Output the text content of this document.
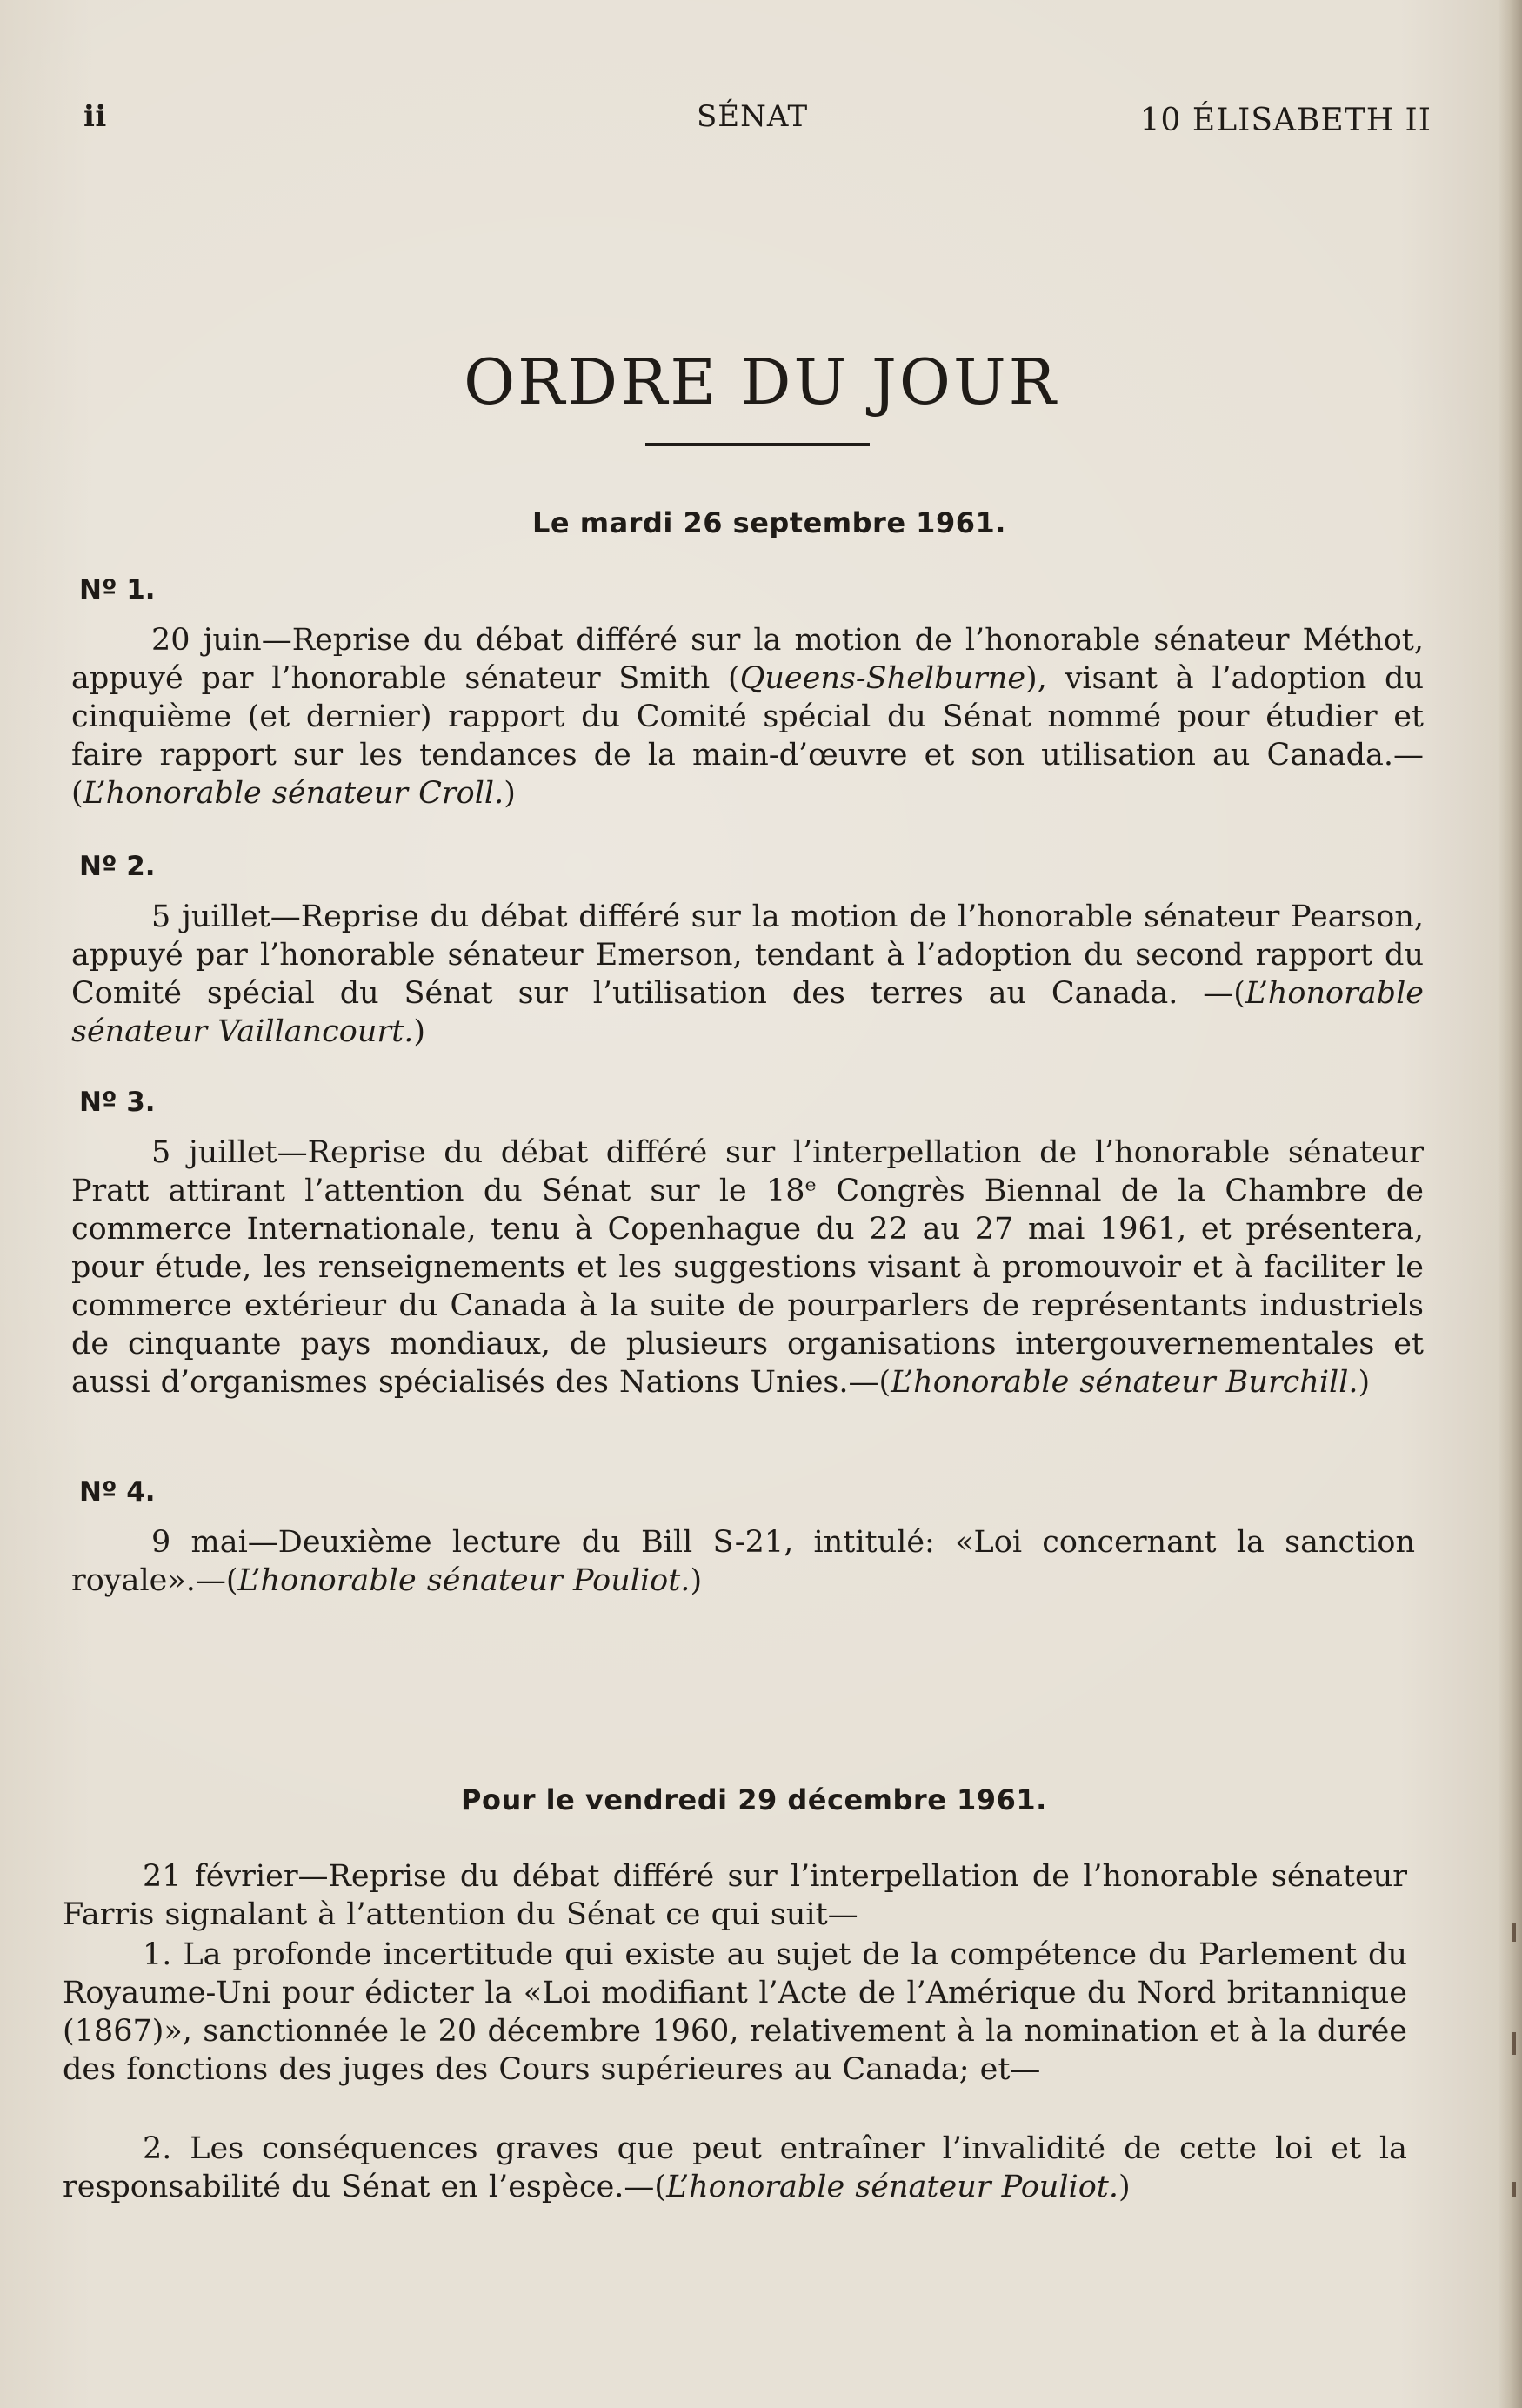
ii	SÉNAT	10 ÉLISABETH II
ORDRE DU JOUR
Le mardi 26 septembre 1961.
Nº 1.

20 juin—Reprise du débat différé sur la motion de l’honorable sénateur Méthot, appuyé par l’honorable sénateur Smith (Queens-Shelburne), visant à l’adoption du cinquième (et dernier) rapport du Comité spécial du Sénat nommé pour étudier et faire rapport sur les tendances de la main-d’œuvre et son utilisation au Canada.—(L’honorable sénateur Croll.)

Nº 2.

5 juillet—Reprise du débat différé sur la motion de l’honorable sénateur Pearson, appuyé par l’honorable sénateur Emerson, tendant à l’adoption du second rapport du Comité spécial du Sénat sur l’utilisation des terres au Canada. —(L’honorable sénateur Vaillancourt.)

Nº 3.

5 juillet—Reprise du débat différé sur l’interpellation de l’honorable sénateur Pratt attirant l’attention du Sénat sur le 18ᵉ Congrès Biennal de la Chambre de commerce Internationale, tenu à Copenhague du 22 au 27 mai 1961, et présentera, pour étude, les renseignements et les suggestions visant à promouvoir et à faciliter le commerce extérieur du Canada à la suite de pourparlers de représentants industriels de cinquante pays mondiaux, de plusieurs organisations intergouvernementales et aussi d’organismes spécialisés des Nations Unies.—(L’honorable sénateur Burchill.)

Nº 4.

9 mai—Deuxième lecture du Bill S-21, intitulé: «Loi concernant la sanction royale».—(L’honorable sénateur Pouliot.)

Pour le vendredi 29 décembre 1961.

21 février—Reprise du débat différé sur l’interpellation de l’honorable sénateur Farris signalant à l’attention du Sénat ce qui suit—

1. La profonde incertitude qui existe au sujet de la compétence du Parlement du Royaume-Uni pour édicter la «Loi modifiant l’Acte de l’Amérique du Nord britannique (1867)», sanctionnée le 20 décembre 1960, relativement à la nomination et à la durée des fonctions des juges des Cours supérieures au Canada; et—

2. Les conséquences graves que peut entraîner l’invalidité de cette loi et la responsabilité du Sénat en l’espèce.—(L’honorable sénateur Pouliot.)
